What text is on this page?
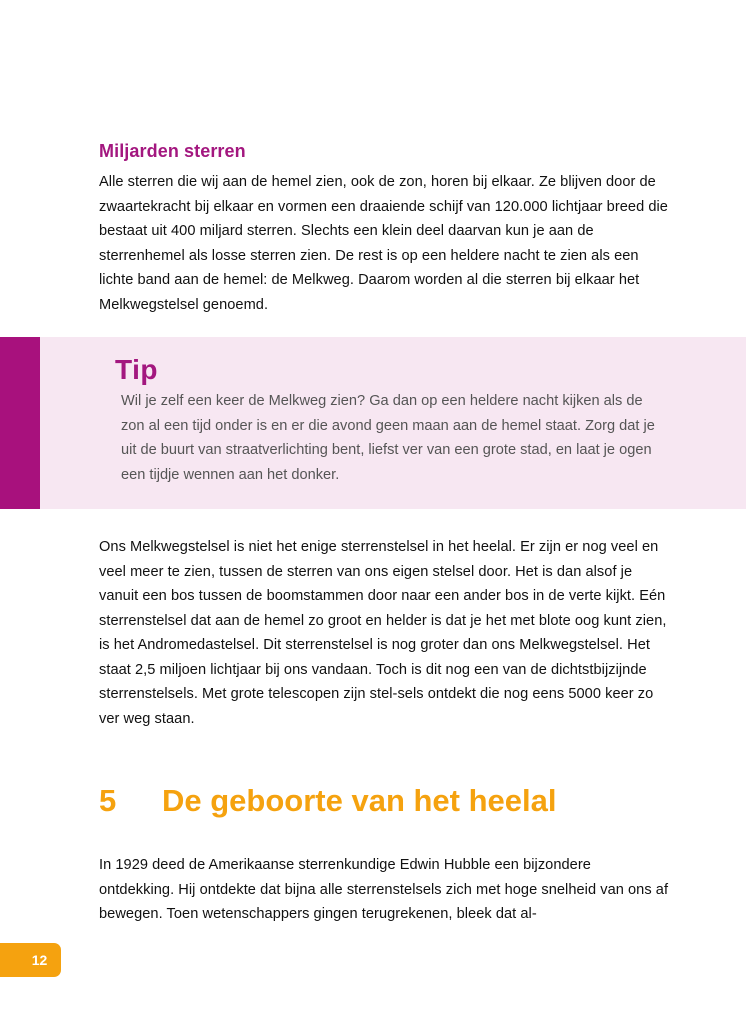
Miljarden sterren

Alle sterren die wij aan de hemel zien, ook de zon, horen bij elkaar. Ze blijven door de zwaartekracht bij elkaar en vormen een draaiende schijf van 120.000 lichtjaar breed die bestaat uit 400 miljard sterren. Slechts een klein deel daarvan kun je aan de sterrenhemel als losse sterren zien. De rest is op een heldere nacht te zien als een lichte band aan de hemel: de Melkweg. Daarom worden al die sterren bij elkaar het Melkwegstelsel genoemd.

Tip

Wil je zelf een keer de Melkweg zien? Ga dan op een heldere nacht kijken als de zon al een tijd onder is en er die avond geen maan aan de hemel staat. Zorg dat je uit de buurt van straatverlichting bent, liefst ver van een grote stad, en laat je ogen een tijdje wennen aan het donker.

Ons Melkwegstelsel is niet het enige sterrenstelsel in het heelal. Er zijn er nog veel en veel meer te zien, tussen de sterren van ons eigen stelsel door. Het is dan alsof je vanuit een bos tussen de boomstammen door naar een ander bos in de verte kijkt. Eén sterrenstelsel dat aan de hemel zo groot en helder is dat je het met blote oog kunt zien, is het Andromedastelsel. Dit sterrenstelsel is nog groter dan ons Melkwegstelsel. Het staat 2,5 miljoen lichtjaar bij ons vandaan. Toch is dit nog een van de dichtstbijzijnde sterrenstelsels. Met grote telescopen zijn stel-sels ontdekt die nog eens 5000 keer zo ver weg staan.

5 De geboorte van het heelal

In 1929 deed de Amerikaanse sterrenkundige Edwin Hubble een bijzondere ontdekking. Hij ontdekte dat bijna alle sterrenstelsels zich met hoge snelheid van ons af bewegen. Toen wetenschappers gingen terugrekenen, bleek dat al-

12
